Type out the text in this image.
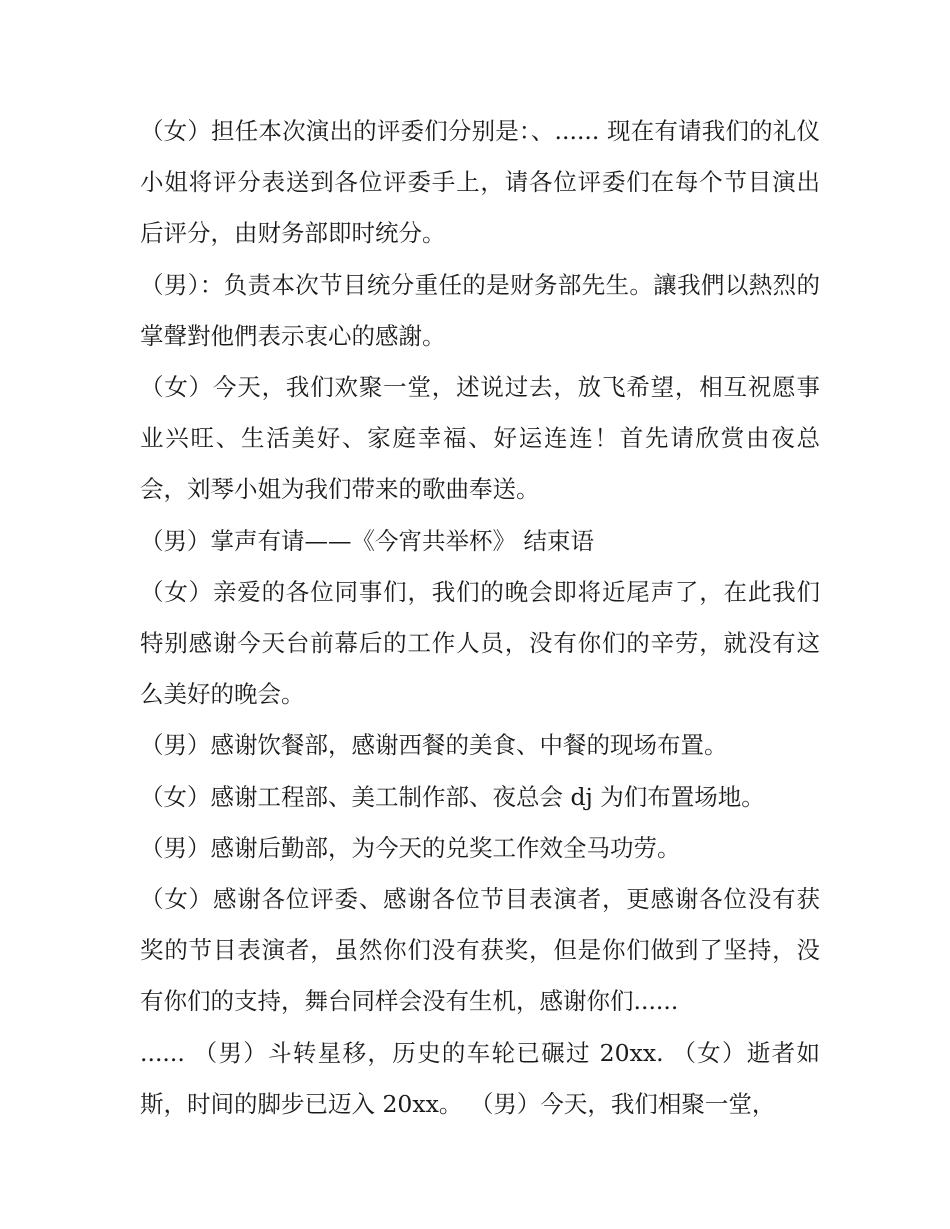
（女）担任本次演出的评委们分别是：、...... 现在有请我们的礼仪小姐将评分表送到各位评委手上，请各位评委们在每个节目演出后评分，由财务部即时统分。

（男）：负责本次节目统分重任的是财务部先生。讓我們以熱烈的掌聲對他們表示衷心的感謝。

（女）今天，我们欢聚一堂，述说过去，放飞希望，相互祝愿事业兴旺、生活美好、家庭幸福、好运连连！首先请欣赏由夜总会，刘琴小姐为我们带来的歌曲奉送。

（男）掌声有请——《今宵共举杯》 结束语

（女）亲爱的各位同事们，我们的晚会即将近尾声了，在此我们特别感谢今天台前幕后的工作人员，没有你们的辛劳，就没有这么美好的晚会。

（男）感谢饮餐部，感谢西餐的美食、中餐的现场布置。

（女）感谢工程部、美工制作部、夜总会 dj 为们布置场地。

（男）感谢后勤部，为今天的兑奖工作效全马功劳。

（女）感谢各位评委、感谢各位节目表演者，更感谢各位没有获奖的节目表演者，虽然你们没有获奖，但是你们做到了坚持，没有你们的支持，舞台同样会没有生机，感谢你们......

...... （男）斗转星移，历史的车轮已碾过 20xx. （女）逝者如斯，时间的脚步已迈入 20xx。 （男）今天，我们相聚一堂，
